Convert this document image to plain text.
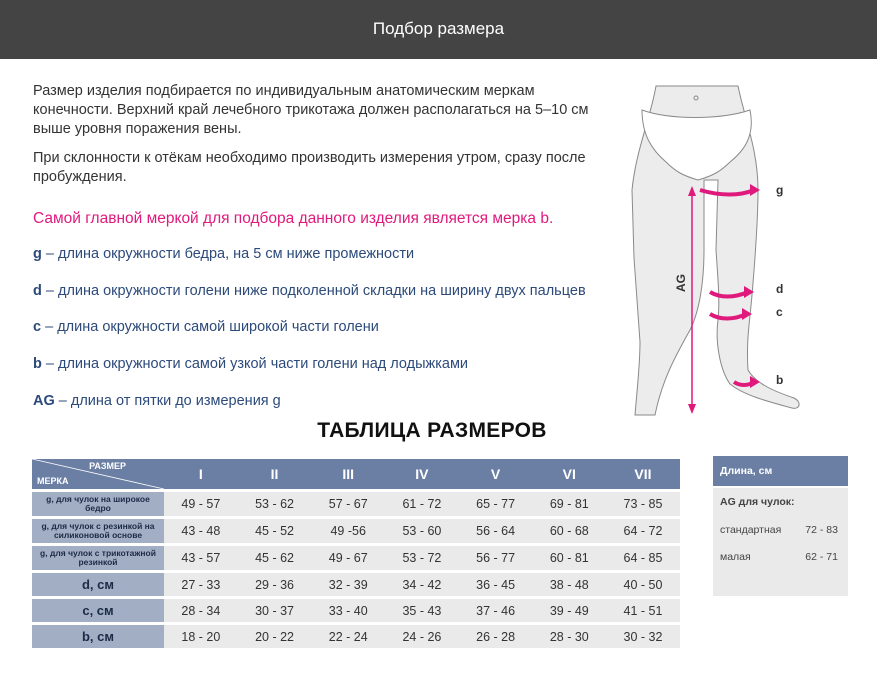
Подбор размера

Размер изделия подбирается по индивидуальным анатомическим меркам конечности. Верхний край лечебного трикотажа должен располагаться на 5–10 см выше уровня поражения вены.

При склонности к отёкам необходимо производить измерения утром, сразу после пробуждения.

Самой главной меркой для подбора данного изделия является мерка b.
g – длина окружности бедра, на 5 см ниже промежности
d – длина окружности голени ниже подколенной складки на ширину двух пальцев
c – длина окружности самой широкой части голени
b – длина окружности самой узкой части голени над лодыжками
AG – длина от пятки до измерения g
AG
g
d
c
b
ТАБЛИЦА РАЗМЕРОВ
РАЗМЕР
МЕРКА	I	II	III	IV	V	VI	VII
g, для чулок на широкое бедро	49 - 57	53 - 62	57 - 67	61 - 72	65 - 77	69 - 81	73 - 85
g, для чулок с резинкой на силиконовой основе	43 - 48	45 - 52	49 -56	53 - 60	56 - 64	60 - 68	64 - 72
g, для чулок с трикотажной резинкой	43 - 57	45 - 62	49 - 67	53 - 72	56 - 77	60 - 81	64 - 85
d, см	27 - 33	29 - 36	32 - 39	34 - 42	36 - 45	38 - 48	40 - 50
c, см	28 - 34	30 - 37	33 - 40	35 - 43	37 - 46	39 - 49	41 - 51
b, см	18 - 20	20 - 22	22 - 24	24 - 26	26 - 28	28 - 30	30 - 32
Длина, см
AG для чулок:
стандартная 72 - 83
малая	62 - 71
